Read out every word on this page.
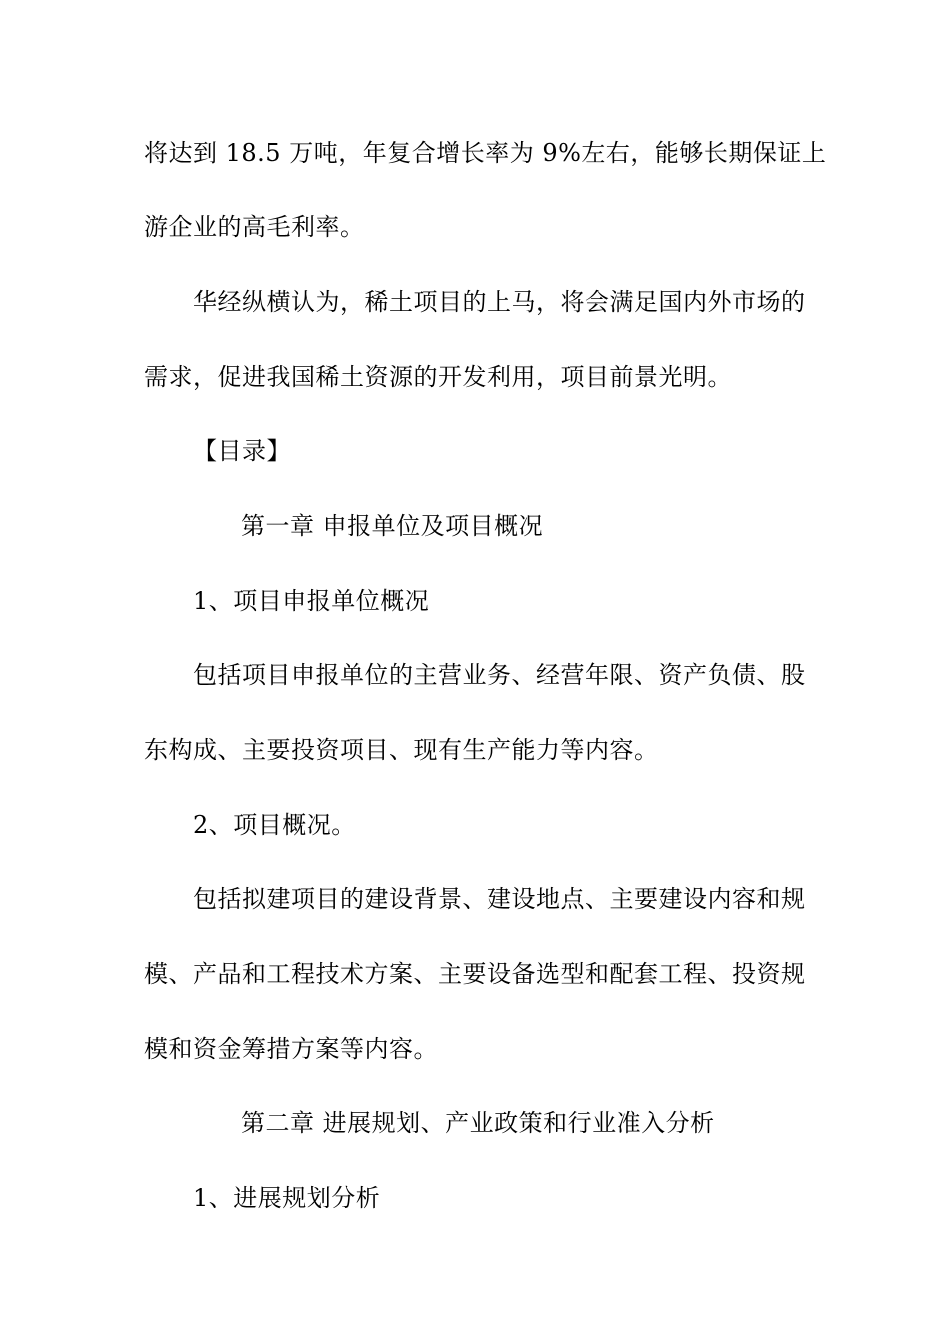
将达到 18.5 万吨，年复合增长率为 9%左右，能够长期保证上
游企业的高毛利率。
华经纵横认为，稀土项目的上马，将会满足国内外市场的
需求，促进我国稀土资源的开发利用，项目前景光明。
【目录】
第一章 申报单位及项目概况
1、项目申报单位概况
包括项目申报单位的主营业务、经营年限、资产负债、股
东构成、主要投资项目、现有生产能力等内容。
2、项目概况。
包括拟建项目的建设背景、建设地点、主要建设内容和规
模、产品和工程技术方案、主要设备选型和配套工程、投资规
模和资金筹措方案等内容。
第二章 进展规划、产业政策和行业准入分析
1、进展规划分析
